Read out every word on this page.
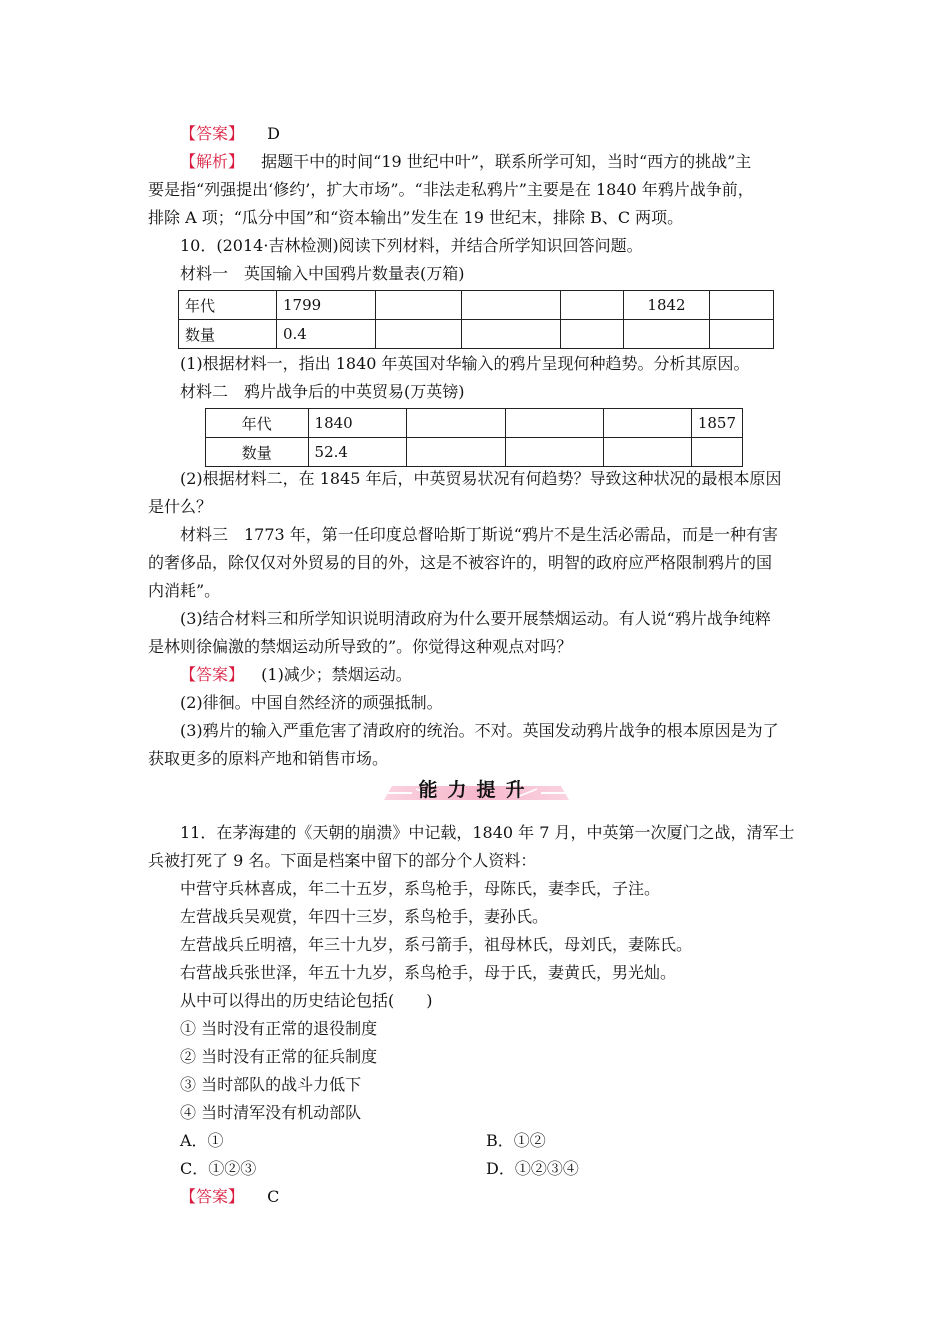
【答案】 D
【解析】 据题干中的时间“19 世纪中叶”，联系所学可知，当时“西方的挑战”主
要是指“列强提出‘修约’，扩大市场”。“非法走私鸦片”主要是在 1840 年鸦片战争前，
排除 A 项；“瓜分中国”和“资本输出”发生在 19 世纪末，排除 B、C 两项。
10．(2014·吉林检测)阅读下列材料，并结合所学知识回答问题。
材料一　英国输入中国鸦片数量表(万箱)
年代	1799				1842	
数量	0.4					
(1)根据材料一，指出 1840 年英国对华输入的鸦片呈现何种趋势。分析其原因。
材料二　鸦片战争后的中英贸易(万英镑)
年代	1840				1857
数量	52.4				
(2)根据材料二，在 1845 年后，中英贸易状况有何趋势？导致这种状况的最根本原因
是什么？
材料三　1773 年，第一任印度总督哈斯丁斯说“鸦片不是生活必需品，而是一种有害
的奢侈品，除仅仅对外贸易的目的外，这是不被容许的，明智的政府应严格限制鸦片的国
内消耗”。
(3)结合材料三和所学知识说明清政府为什么要开展禁烟运动。有人说“鸦片战争纯粹
是林则徐偏激的禁烟运动所导致的”。你觉得这种观点对吗？
【答案】 (1)减少；禁烟运动。
(2)徘徊。中国自然经济的顽强抵制。
(3)鸦片的输入严重危害了清政府的统治。不对。英国发动鸦片战争的根本原因是为了
获取更多的原料产地和销售市场。
能力提升
11．在茅海建的《天朝的崩溃》中记载，1840 年 7 月，中英第一次厦门之战，清军士
兵被打死了 9 名。下面是档案中留下的部分个人资料：
中营守兵林喜成，年二十五岁，系鸟枪手，母陈氏，妻李氏，子注。
左营战兵吴观赏，年四十三岁，系鸟枪手，妻孙氏。
左营战兵丘明禧，年三十九岁，系弓箭手，祖母林氏，母刘氏，妻陈氏。
右营战兵张世泽，年五十九岁，系鸟枪手，母于氏，妻黄氏，男光灿。
从中可以得出的历史结论包括(　　)
① 当时没有正常的退役制度
② 当时没有正常的征兵制度
③ 当时部队的战斗力低下
④ 当时清军没有机动部队
A．①	B．①②
C．①②③	D．①②③④
【答案】 C
